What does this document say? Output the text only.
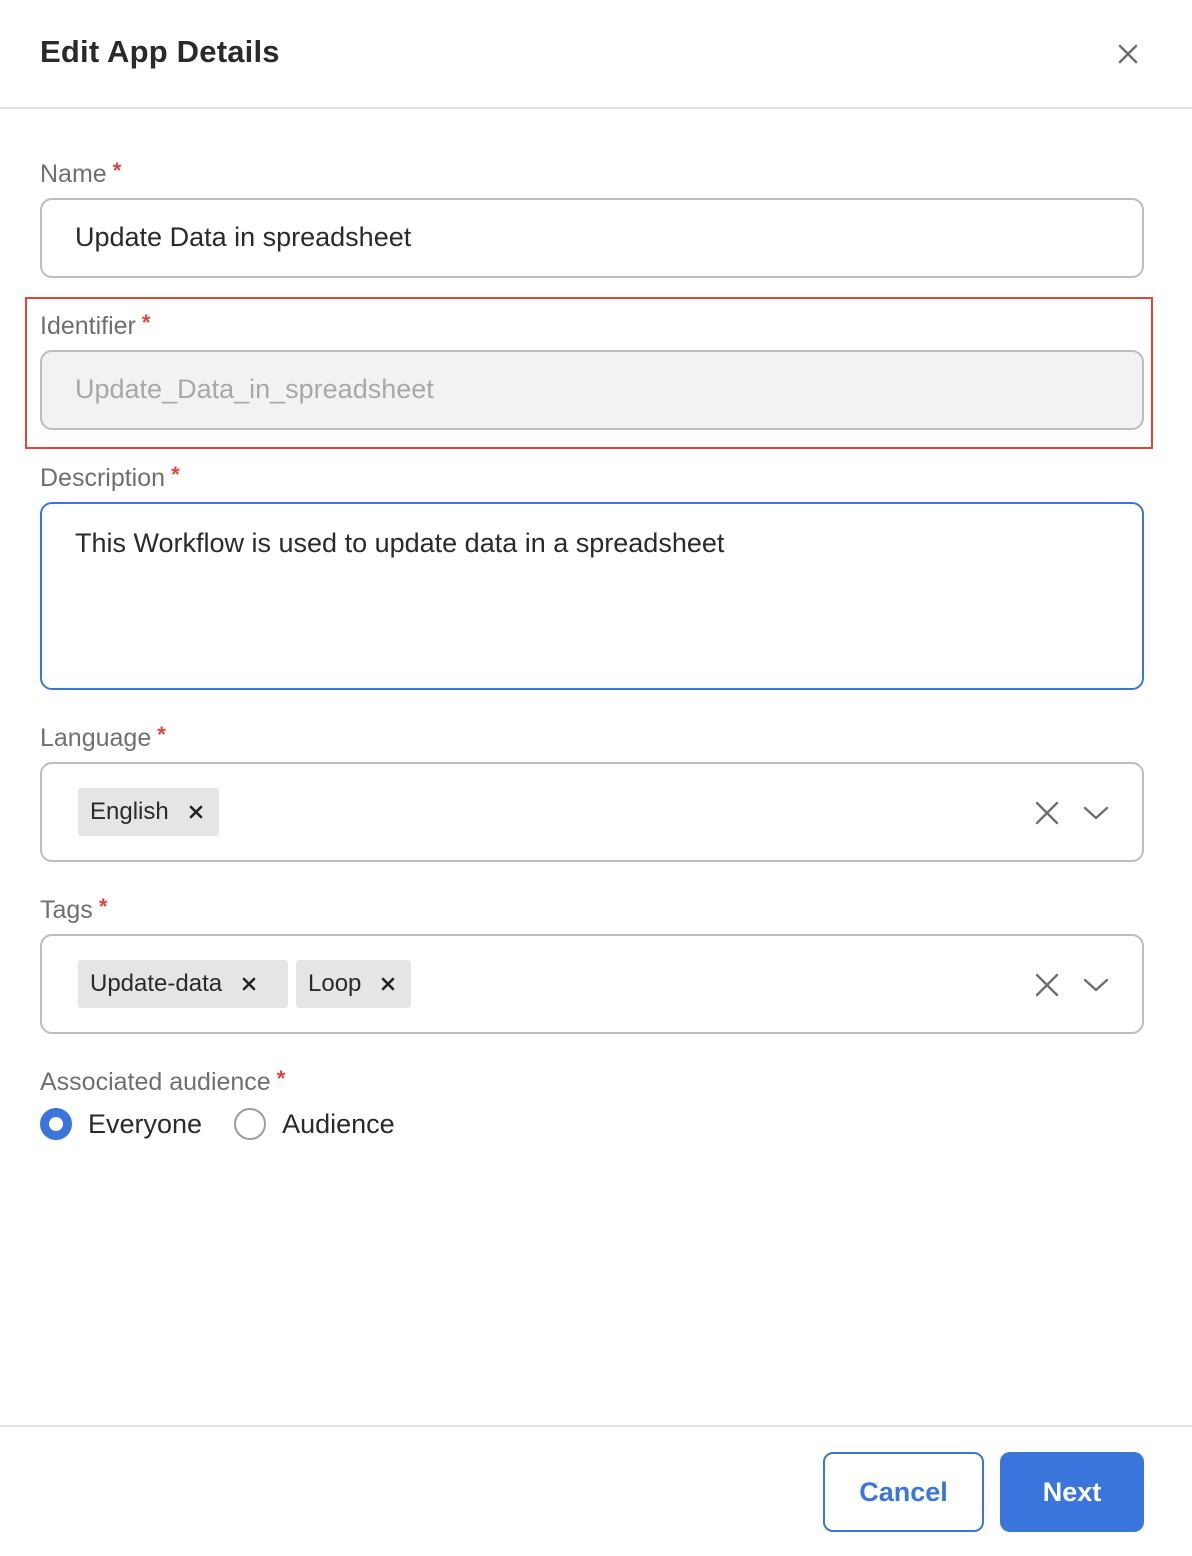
Edit App Details
Name *
Update Data in spreadsheet
Identifier *
Update_Data_in_spreadsheet
Description *
This Workflow is used to update data in a spreadsheet
Language *
English
Tags *
Update-data	Loop
Associated audience *
Everyone	Audience
Cancel	Next
